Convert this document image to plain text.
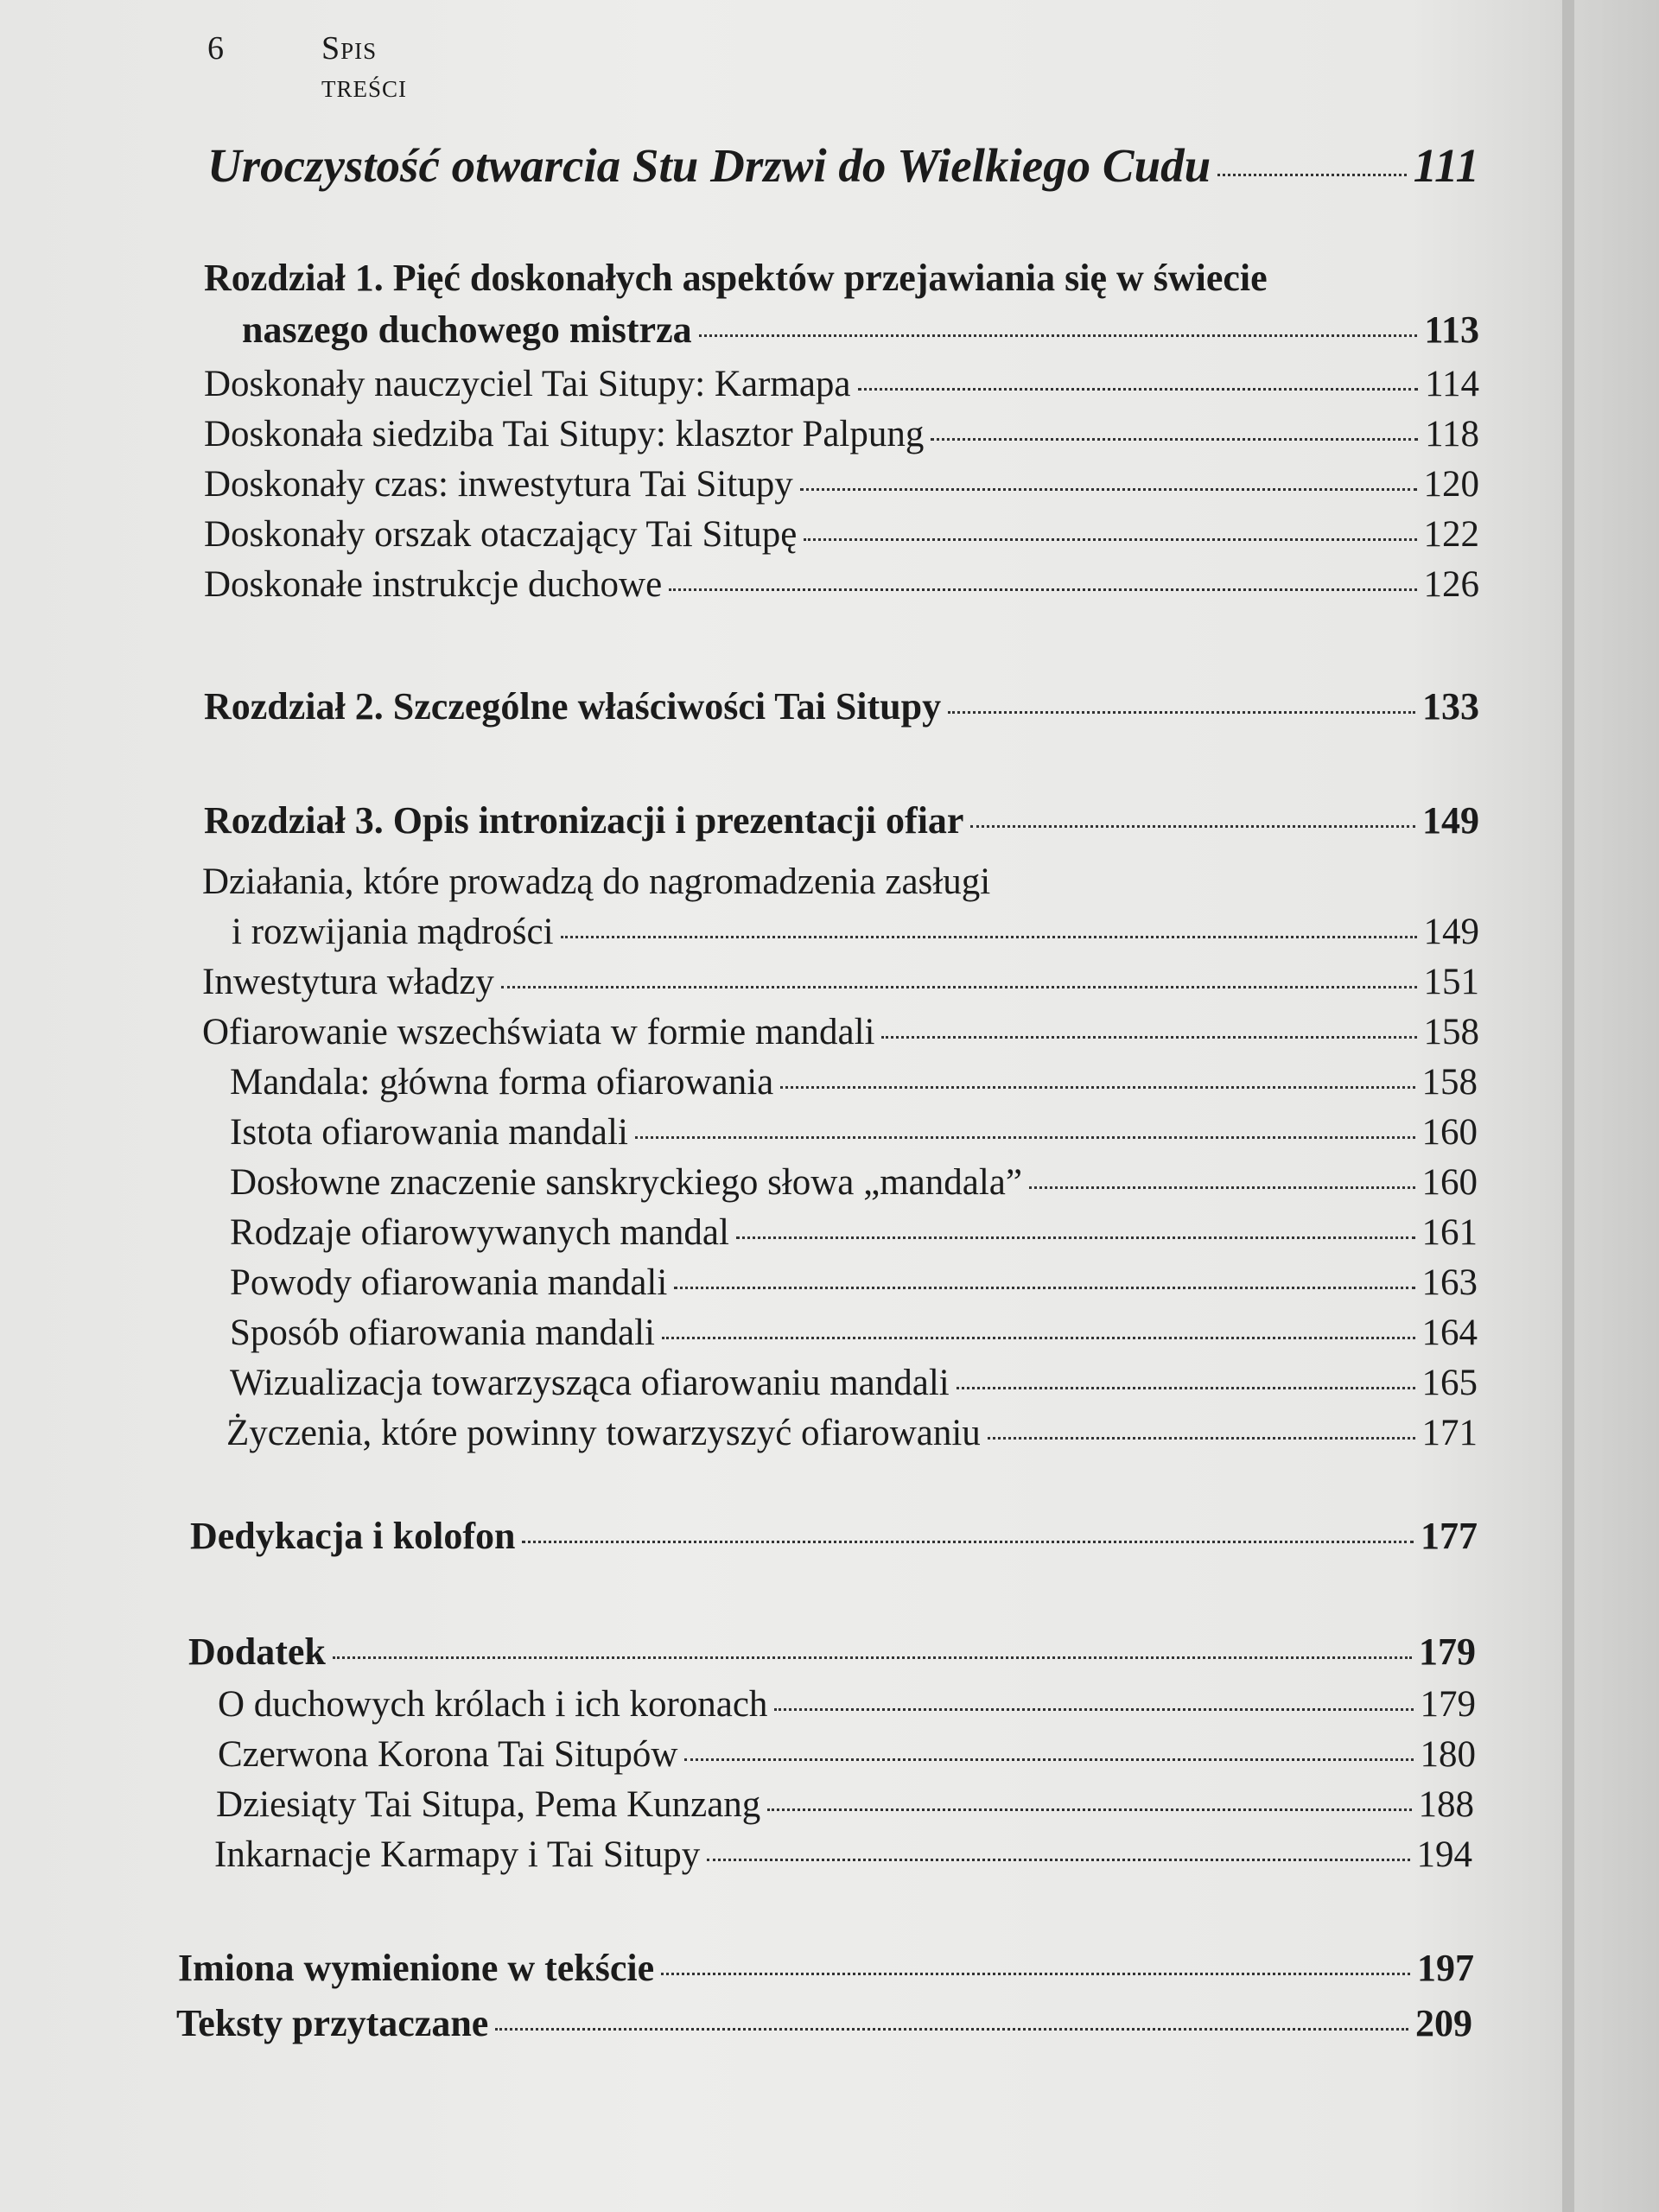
6	Spis treści
Uroczystość otwarcia Stu Drzwi do Wielkiego Cudu	111
Rozdział 1. Pięć doskonałych aspektów przejawiania się w świecie
naszego duchowego mistrza	113
Doskonały nauczyciel Tai Situpy: Karmapa	114
Doskonała siedziba Tai Situpy: klasztor Palpung	118
Doskonały czas: inwestytura Tai Situpy	120
Doskonały orszak otaczający Tai Situpę	122
Doskonałe instrukcje duchowe	126
Rozdział 2. Szczególne właściwości Tai Situpy	133
Rozdział 3. Opis intronizacji i prezentacji ofiar	149
Działania, które prowadzą do nagromadzenia zasługi
i rozwijania mądrości	149
Inwestytura władzy	151
Ofiarowanie wszechświata w formie mandali	158
Mandala: główna forma ofiarowania	158
Istota ofiarowania mandali	160
Dosłowne znaczenie sanskryckiego słowa „mandala”	160
Rodzaje ofiarowywanych mandal	161
Powody ofiarowania mandali	163
Sposób ofiarowania mandali	164
Wizualizacja towarzysząca ofiarowaniu mandali	165
Życzenia, które powinny towarzyszyć ofiarowaniu	171
Dedykacja i kolofon	177
Dodatek	179
O duchowych królach i ich koronach	179
Czerwona Korona Tai Situpów	180
Dziesiąty Tai Situpa, Pema Kunzang	188
Inkarnacje Karmapy i Tai Situpy	194
Imiona wymienione w tekście	197
Teksty przytaczane	209
